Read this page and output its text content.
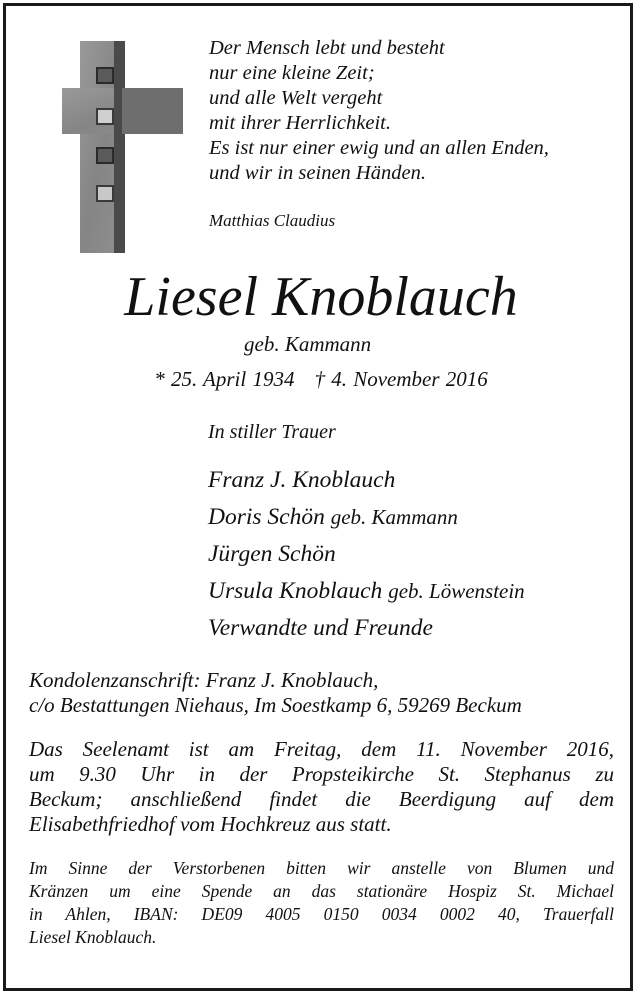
Der Mensch lebt und besteht
nur eine kleine Zeit;
und alle Welt vergeht
mit ihrer Herrlichkeit.
Es ist nur einer ewig und an allen Enden,
und wir in seinen Händen.
Matthias Claudius
Liesel Knoblauch
geb. Kammann
* 25. April 1934 † 4. November 2016
In stiller Trauer
Franz J. Knoblauch
Doris Schön geb. Kammann
Jürgen Schön
Ursula Knoblauch geb. Löwenstein
Verwandte und Freunde
Kondolenzanschrift: Franz J. Knoblauch,
c/o Bestattungen Niehaus, Im Soestkamp 6, 59269 Beckum
Das Seelenamt ist am Freitag, dem 11. November 2016,
um 9.30 Uhr in der Propsteikirche St. Stephanus zu
Beckum; anschließend findet die Beerdigung auf dem
Elisabethfriedhof vom Hochkreuz aus statt.
Im Sinne der Verstorbenen bitten wir anstelle von Blumen und
Kränzen um eine Spende an das stationäre Hospiz St. Michael
in Ahlen, IBAN: DE09 4005 0150 0034 0002 40, Trauerfall
Liesel Knoblauch.
